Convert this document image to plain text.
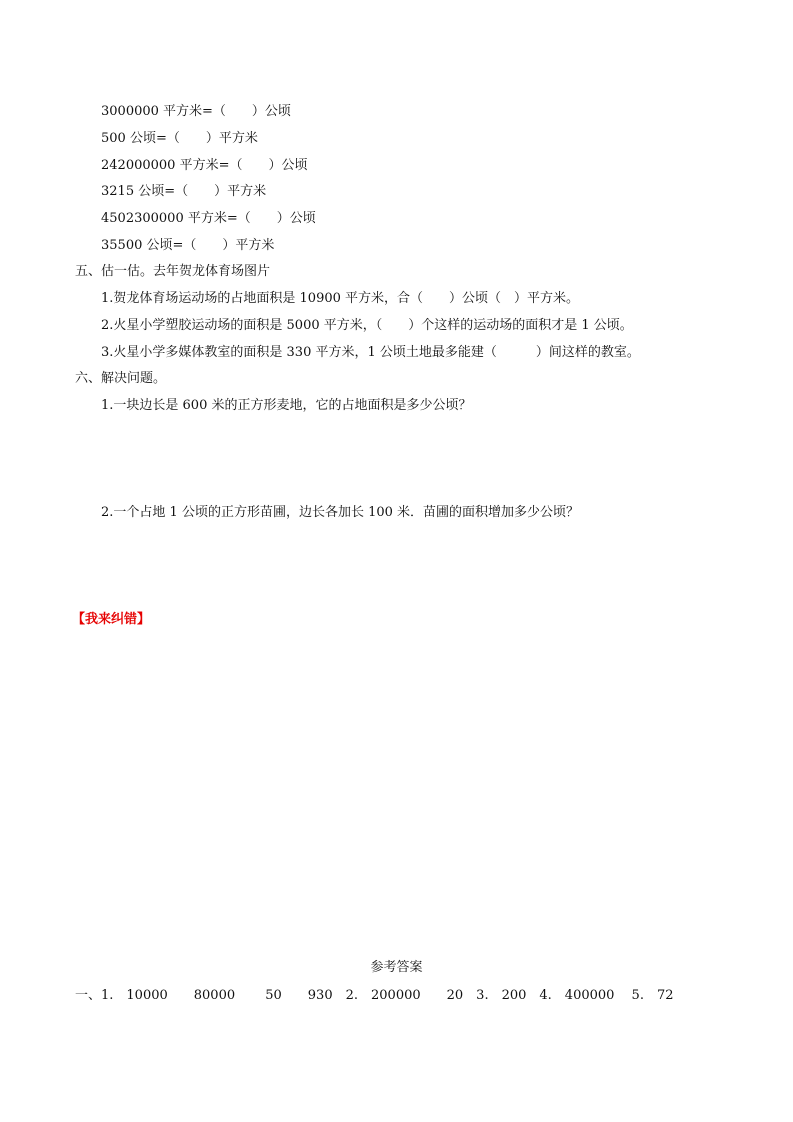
3000000 平方米=（　　）公顷
500 公顷=（　　）平方米
242000000 平方米=（　　）公顷
3215 公顷=（　　）平方米
4502300000 平方米=（　　）公顷
35500 公顷=（　　）平方米
五、估一估。去年贺龙体育场图片
1.贺龙体育场运动场的占地面积是 10900 平方米，合（　　）公顷（　）平方米。
2.火星小学塑胶运动场的面积是 5000 平方米，（　　）个这样的运动场的面积才是 1 公顷。
3.火星小学多媒体教室的面积是 330 平方米，1 公顷土地最多能建（　　　）间这样的教室。
六、解决问题。
1.一块边长是 600 米的正方形麦地，它的占地面积是多少公顷？
2.一个占地 1 公顷的正方形苗圃，边长各加长 100 米．苗圃的面积增加多少公顷？
【我来纠错】
参考答案
一、1.　10000　　80000　　 50　　930　2.　200000　　20　3.　200　4.　400000　 5.　72
